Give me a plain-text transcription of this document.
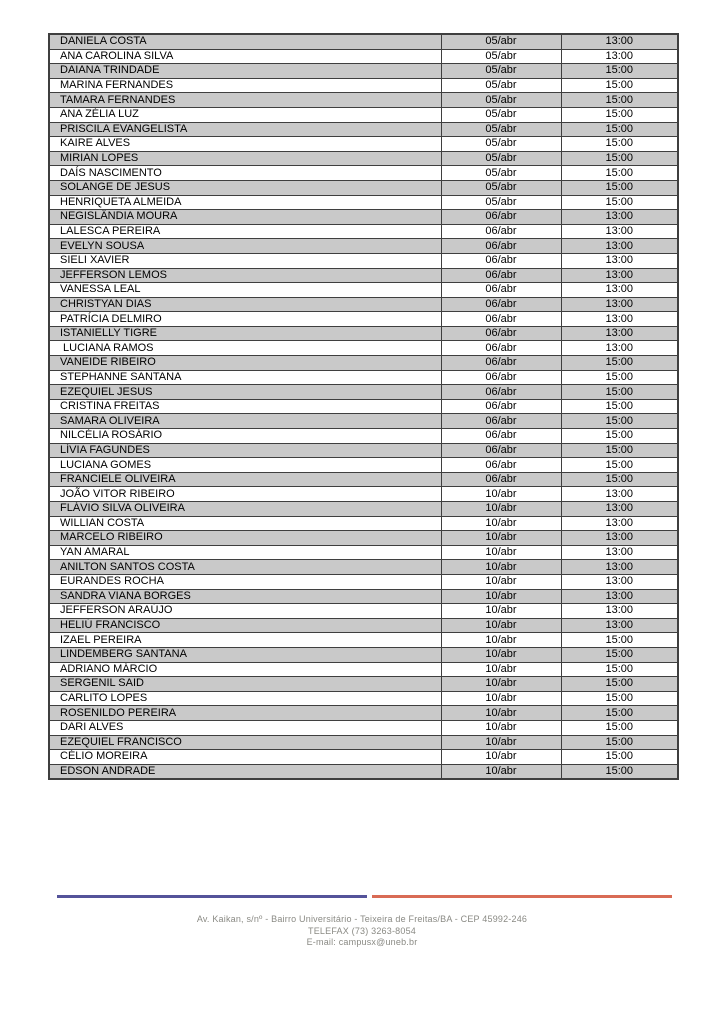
DANIELA COSTA	05/abr	13:00
ANA CAROLINA SILVA	05/abr	13:00
DAIANA TRINDADE	05/abr	15:00
MARINA FERNANDES	05/abr	15:00
TAMARA FERNANDES	05/abr	15:00
ANA ZÉLIA LUZ	05/abr	15:00
PRISCILA EVANGELISTA	05/abr	15:00
KAIRE ALVES	05/abr	15:00
MIRIAN LOPES	05/abr	15:00
DAÍS NASCIMENTO	05/abr	15:00
SOLANGE DE JESUS	05/abr	15:00
HENRIQUETA ALMEIDA	05/abr	15:00
NEGISLÂNDIA MOURA	06/abr	13:00
LALESCA PEREIRA	06/abr	13:00
EVELYN SOUSA	06/abr	13:00
SIELI XAVIER	06/abr	13:00
JEFFERSON LEMOS	06/abr	13:00
VANESSA LEAL	06/abr	13:00
CHRISTYAN DIAS	06/abr	13:00
PATRÍCIA DELMIRO	06/abr	13:00
ISTANIELLY TIGRE	06/abr	13:00
LUCIANA RAMOS	06/abr	13:00
VANEIDE RIBEIRO	06/abr	15:00
STEPHANNE SANTANA	06/abr	15:00
EZEQUIEL JESUS	06/abr	15:00
CRISTINA FREITAS	06/abr	15:00
SAMARA OLIVEIRA	06/abr	15:00
NILCÉLIA ROSÁRIO	06/abr	15:00
LÍVIA FAGUNDES	06/abr	15:00
LUCIANA GOMES	06/abr	15:00
FRANCIELE OLIVEIRA	06/abr	15:00
JOÃO VITOR RIBEIRO	10/abr	13:00
FLÁVIO SILVA OLIVEIRA	10/abr	13:00
WILLIAN COSTA	10/abr	13:00
MARCELO RIBEIRO	10/abr	13:00
YAN AMARAL	10/abr	13:00
ANILTON SANTOS COSTA	10/abr	13:00
EURANDES ROCHA	10/abr	13:00
SANDRA VIANA BORGES	10/abr	13:00
JEFFERSON ARAÚJO	10/abr	13:00
HELIÚ FRANCISCO	10/abr	13:00
IZAEL PEREIRA	10/abr	15:00
LINDEMBERG SANTANA	10/abr	15:00
ADRIANO MÁRCIO	10/abr	15:00
SERGENIL SAID	10/abr	15:00
CARLITO LOPES	10/abr	15:00
ROSENILDO PEREIRA	10/abr	15:00
DARI ALVES	10/abr	15:00
EZEQUIEL FRANCISCO	10/abr	15:00
CÉLIO MOREIRA	10/abr	15:00
EDSON ANDRADE	10/abr	15:00
Av. Kaikan, s/nº - Bairro Universitário - Teixeira de Freitas/BA - CEP 45992-246
TELEFAX (73) 3263-8054
E-mail: campusx@uneb.br
